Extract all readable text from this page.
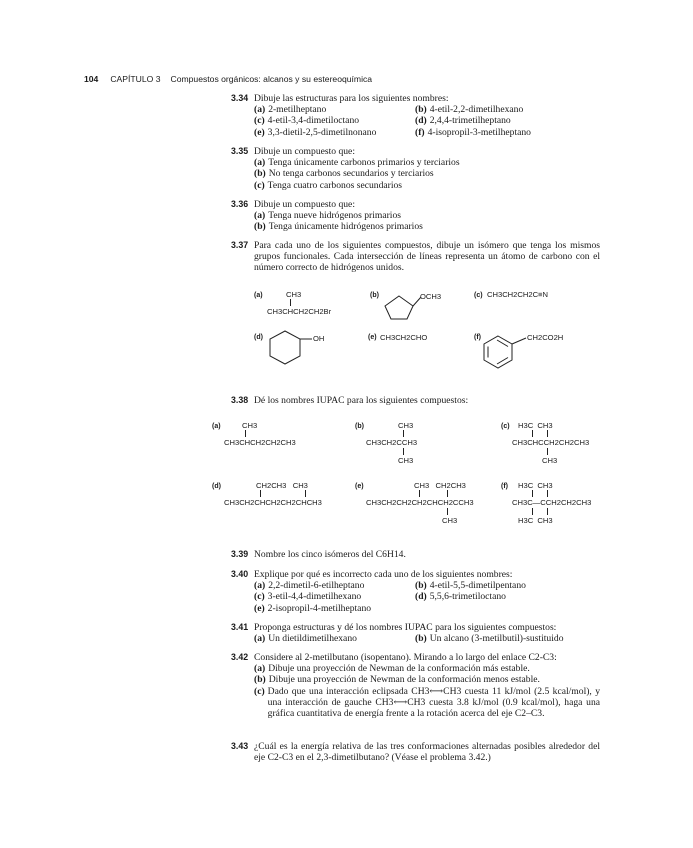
104 CAPÍTULO 3 Compuestos orgánicos: alcanos y su estereoquímica
3.34 Dibuje las estructuras para los siguientes nombres:
(a) 2-metilheptano	(b) 4-etil-2,2-dimetilhexano
(c) 4-etil-3,4-dimetiloctano	(d) 2,4,4-trimetilheptano
(e) 3,3-dietil-2,5-dimetilnonano	(f) 4-isopropil-3-metilheptano
3.35 Dibuje un compuesto que:
(a) Tenga únicamente carbonos primarios y terciarios
(b) No tenga carbonos secundarios y terciarios
(c) Tenga cuatro carbonos secundarios
3.36 Dibuje un compuesto que:
(a) Tenga nueve hidrógenos primarios
(b) Tenga únicamente hidrógenos primarios
3.37 Para cada uno de los siguientes compuestos, dibuje un isómero que tenga los mismos grupos funcionales. Cada intersección de líneas representa un átomo de carbono con el número correcto de hidrógenos unidos.
(a)	CH3
CH3CHCH2CH2Br
(b)	OCH3	(c) CH3CH2CH2C≡N
(d)	OH	(e) CH3CH2CHO	(f)	CH2CO2H
3.38 Dé los nombres IUPAC para los siguientes compuestos:
(a)	CH3
CH3CHCH2CH2CH3
(b)	CH3
CH3CH2CCH3
CH3
(c) H3C  CH3
CH3CHCCH2CH2CH3
CH3
(d)	CH2CH3   CH3
CH3CH2CHCH2CH2CHCH3
(e)	CH3   CH2CH3
CH3CH2CH2CH2CHCH2CCH3
CH3
(f) H3C  CH3
CH3C—CCH2CH2CH3
H3C  CH3
3.39 Nombre los cinco isómeros del C6H14.
3.40 Explique por qué es incorrecto cada uno de los siguientes nombres:
(a) 2,2-dimetil-6-etilheptano	(b) 4-etil-5,5-dimetilpentano
(c) 3-etil-4,4-dimetilhexano	(d) 5,5,6-trimetiloctano
(e) 2-isopropil-4-metilheptano
3.41 Proponga estructuras y dé los nombres IUPAC para los siguientes compuestos:
(a) Un dietildimetilhexano	(b) Un alcano (3-metilbutil)-sustituido
3.42 Considere al 2-metilbutano (isopentano). Mirando a lo largo del enlace C2-C3:
(a) Dibuje una proyección de Newman de la conformación más estable.
(b) Dibuje una proyección de Newman de la conformación menos estable.
(c) Dado que una interacción eclipsada CH3⟷CH3 cuesta 11 kJ/mol (2.5 kcal/mol), y una interacción de gauche CH3⟷CH3 cuesta 3.8 kJ/mol (0.9 kcal/mol), haga una gráfica cuantitativa de energía frente a la rotación acerca del eje C2–C3.
3.43 ¿Cuál es la energía relativa de las tres conformaciones alternadas posibles alrededor del eje C2-C3 en el 2,3-dimetilbutano? (Véase el problema 3.42.)
